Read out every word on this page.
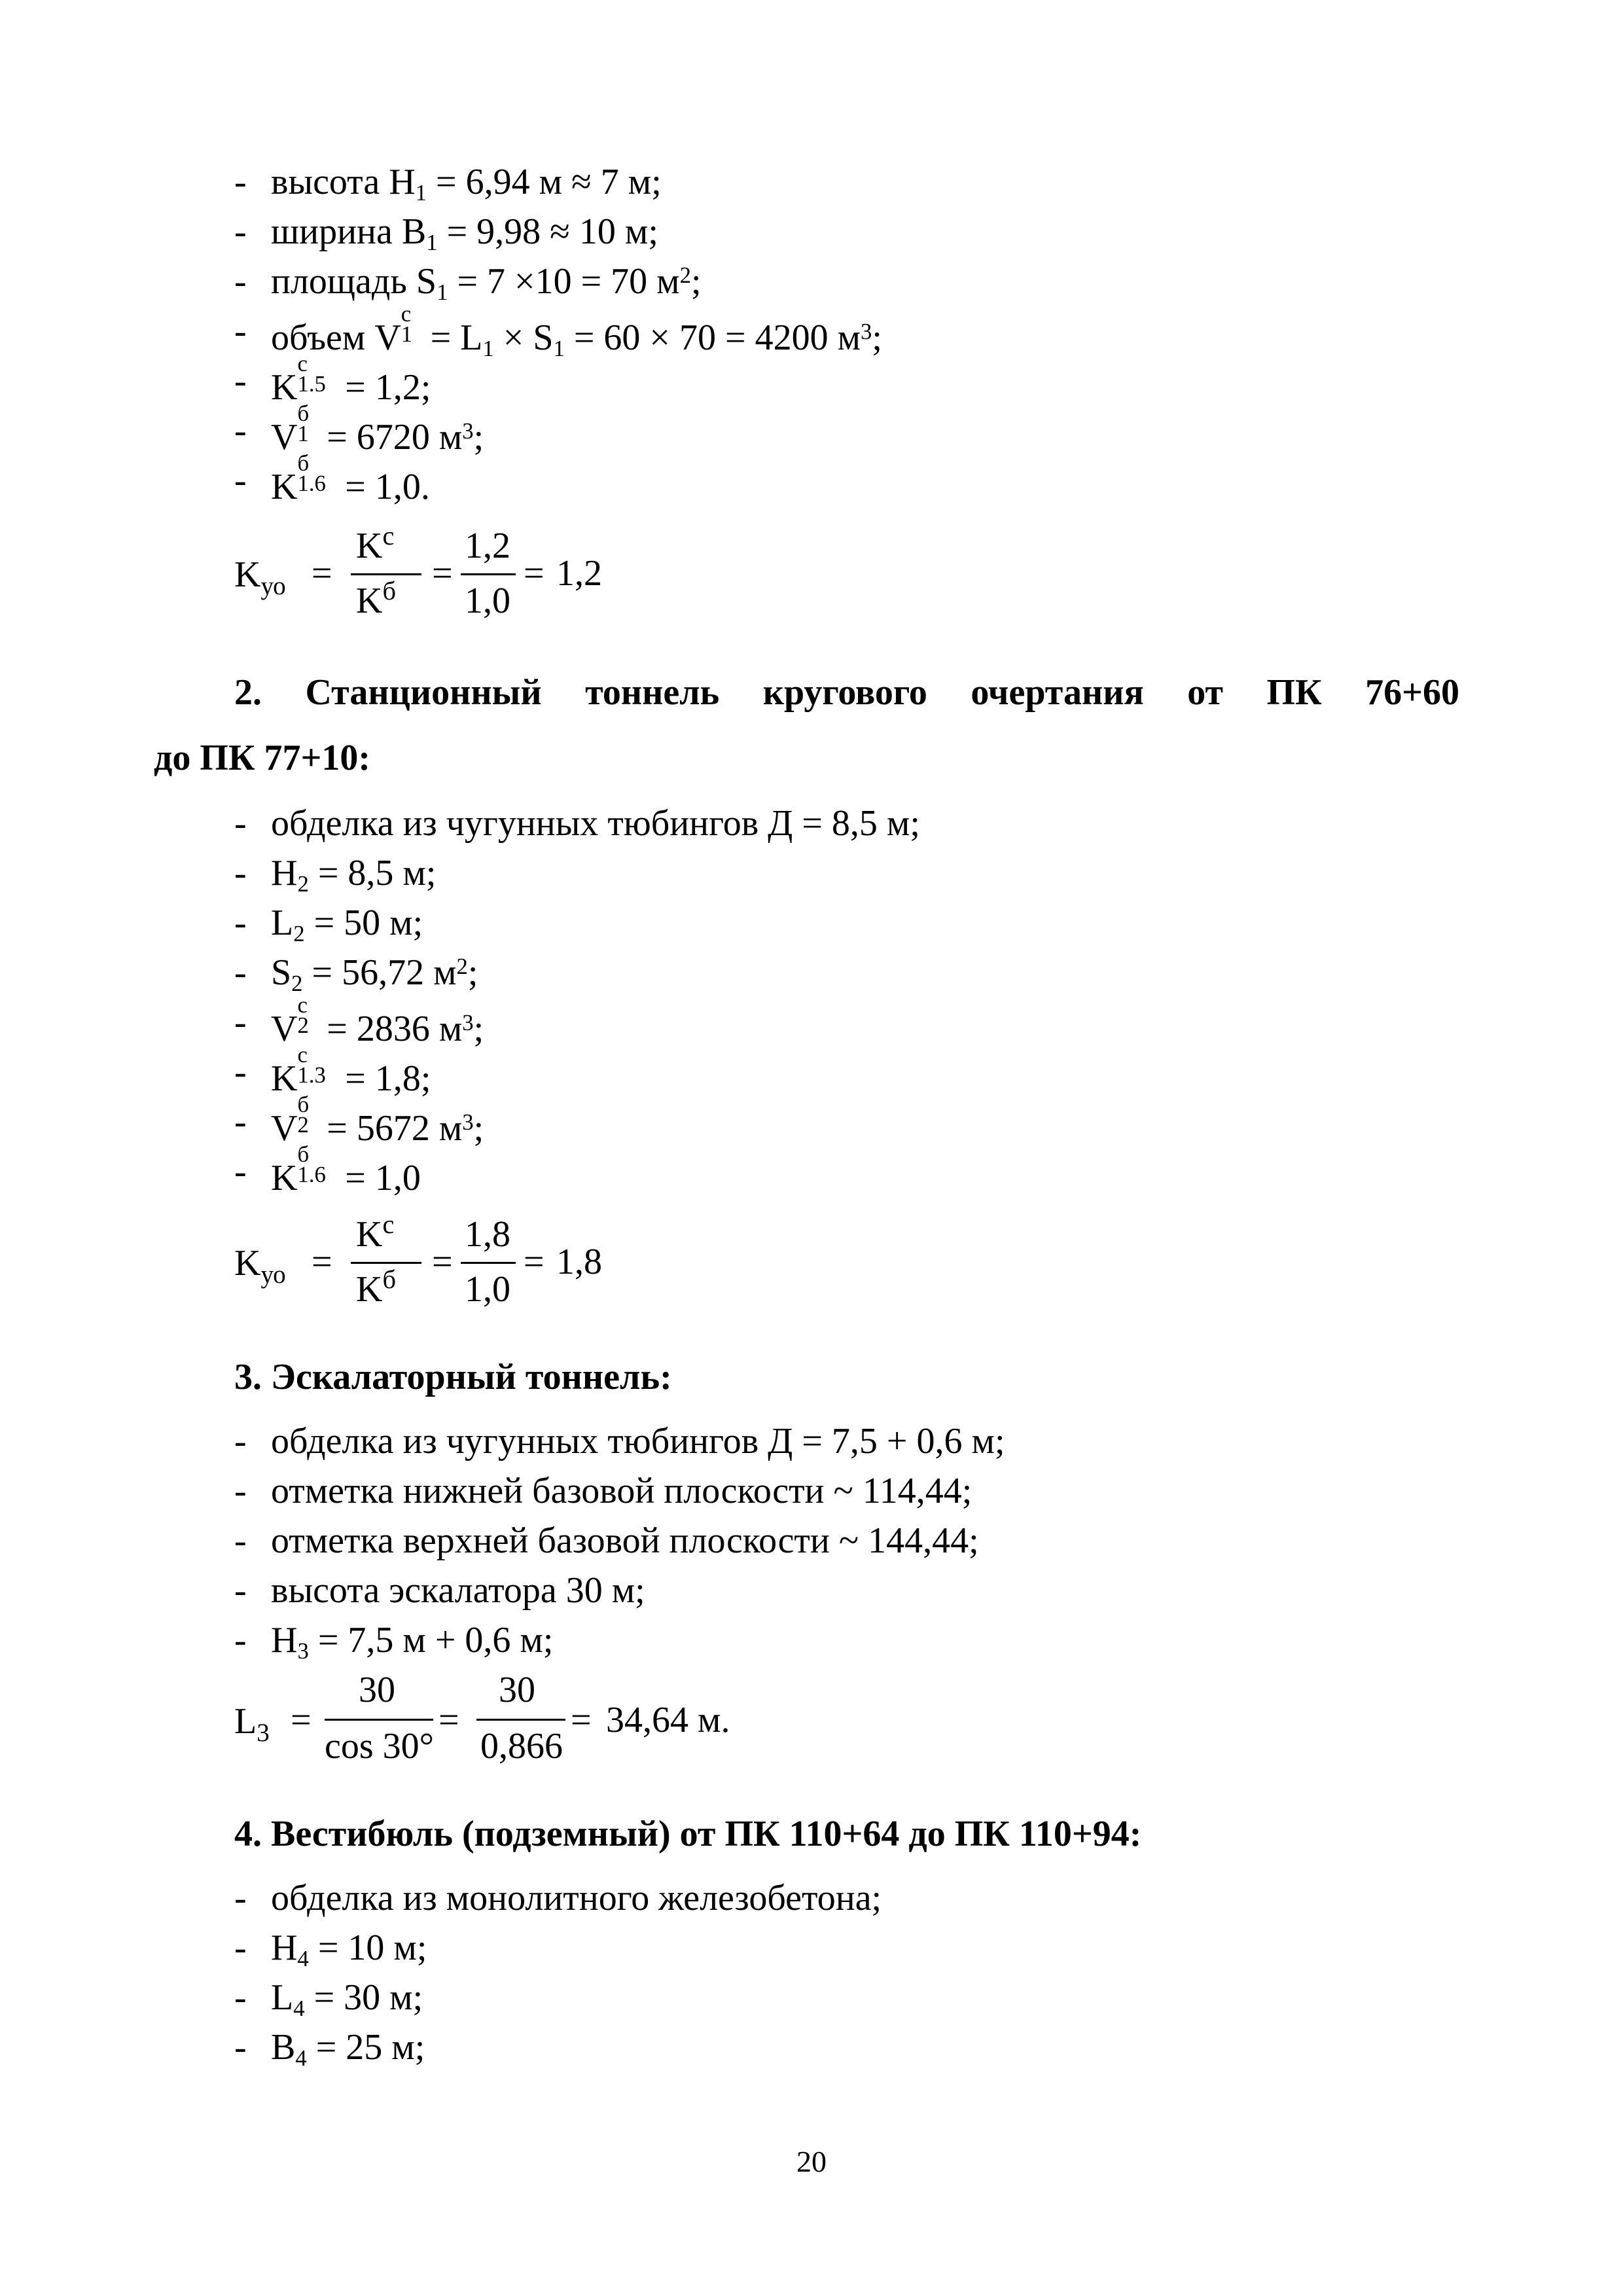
- высота $H_1 = 6,94$ м ≈ 7 м;
- ширина $B_1 = 9,98 \approx 10$ м;
- площадь $S_1 = 7 \times 10 = 70$ $м^2$;
- объем V
с
$1 = L_1 \times S_1 = 60 \times 70 = 4200$ $м^3$;
- K
с
1.5 = 1,2;
- V
б
1 = 6720 $м^3$;
- K
б
1.6 = 1,0.
$K_{уо}$ =
$K^с$
$K^б$ =
1,2
1,0
= 1,2
2. Станционный тоннель кругового очертания от ПК 76+60
до ПК 77+10:
- обделка из чугунных тюбингов Д = 8,5 м;
- $H_2 = 8,5$ м;
- $L_2 = 50$ м;
- $S_2 = 56,72$ $м^2$;
- V
с
2 = 2836 $м^3$;
- K
с
1.3 = 1,8;
- V
б
2 = 5672 $м^3$;
- K
б
1.6 = 1,0
$K_{уо}$ =
$K^с$
$K^б$ =
1,8
1,0
= 1,8
3. Эскалаторный тоннель:
- обделка из чугунных тюбингов Д = 7,5 + 0,6 м;
- отметка нижней базовой плоскости ~ 114,44;
- отметка верхней базовой плоскости ~ 144,44;
- высота эскалатора 30 м;
- $H_3 = 7,5$ м + 0,6 м;
$L_3$ =
30
cos 30°
=
30
0,866
= 34,64 м.
4. Вестибюль (подземный) от ПК 110+64 до ПК 110+94:
- обделка из монолитного железобетона;
- $H_4 = 10$ м;
- $L_4 = 30$ м;
- $B_4 = 25$ м;
20
